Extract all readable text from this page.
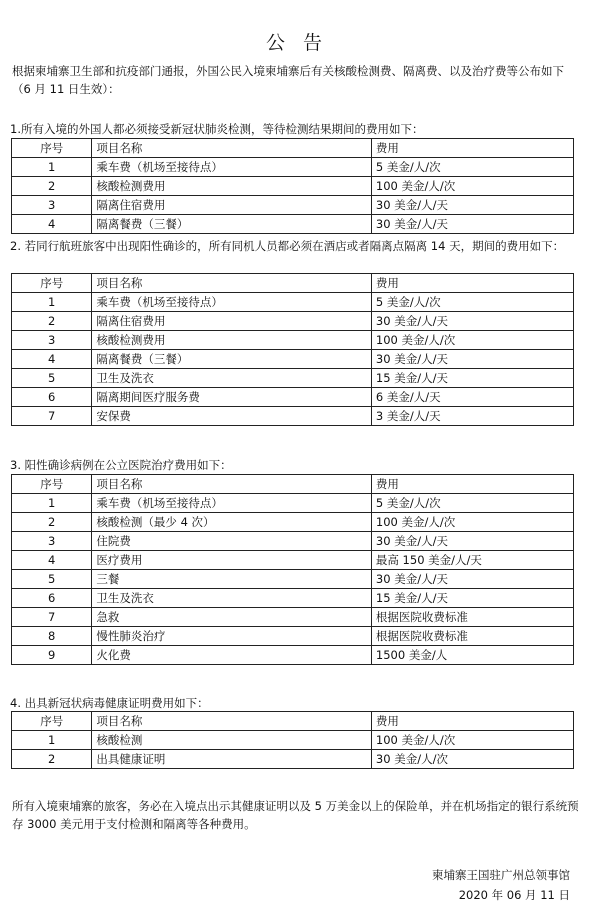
公 告
根据柬埔寨卫生部和抗疫部门通报，外国公民入境柬埔寨后有关核酸检测费、隔离费、以及治疗费等公布如下（6 月 11 日生效）：
1.所有入境的外国人都必须接受新冠状肺炎检测，等待检测结果期间的费用如下：
序号	项目名称	费用
1	乘车费（机场至接待点）	5 美金/人/次
2	核酸检测费用	100 美金/人/次
3	隔离住宿费用	30 美金/人/天
4	隔离餐费（三餐）	30 美金/人/天
2. 若同行航班旅客中出现阳性确诊的，所有同机人员都必须在酒店或者隔离点隔离 14 天，期间的费用如下：
序号	项目名称	费用
1	乘车费（机场至接待点）	5 美金/人/次
2	隔离住宿费用	30 美金/人/天
3	核酸检测费用	100 美金/人/次
4	隔离餐费（三餐）	30 美金/人/天
5	卫生及洗衣	15 美金/人/天
6	隔离期间医疗服务费	6 美金/人/天
7	安保费	3 美金/人/天
3. 阳性确诊病例在公立医院治疗费用如下：
序号	项目名称	费用
1	乘车费（机场至接待点）	5 美金/人/次
2	核酸检测（最少 4 次）	100 美金/人/次
3	住院费	30 美金/人/天
4	医疗费用	最高 150 美金/人/天
5	三餐	30 美金/人/天
6	卫生及洗衣	15 美金/人/天
7	急救	根据医院收费标准
8	慢性肺炎治疗	根据医院收费标准
9	火化费	1500 美金/人
4. 出具新冠状病毒健康证明费用如下：
序号	项目名称	费用
1	核酸检测	100 美金/人/次
2	出具健康证明	30 美金/人/次
所有入境柬埔寨的旅客，务必在入境点出示其健康证明以及 5 万美金以上的保险单，并在机场指定的银行系统预存 3000 美元用于支付检测和隔离等各种费用。
柬埔寨王国驻广州总领事馆
2020 年 06 月 11 日
